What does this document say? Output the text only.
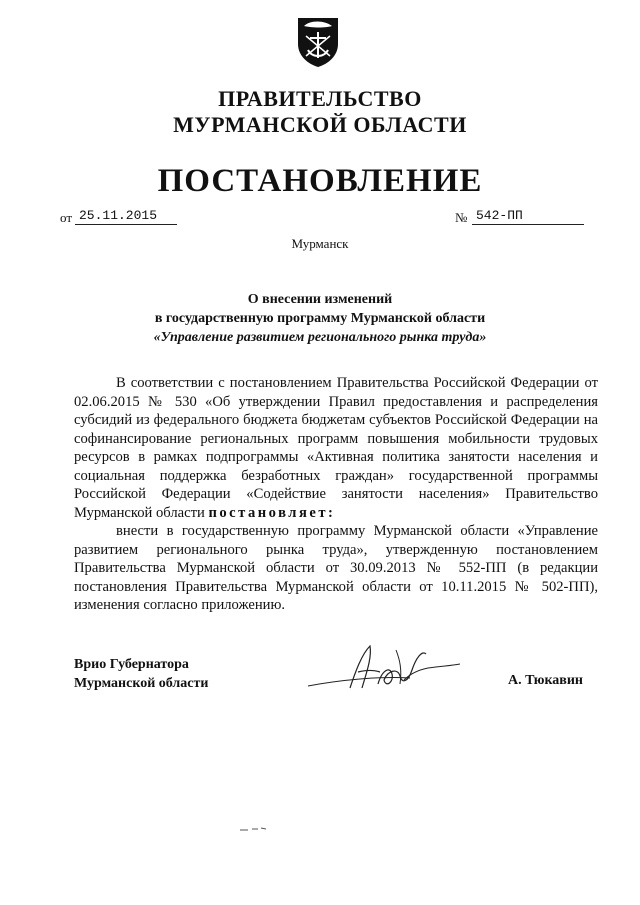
ПРАВИТЕЛЬСТВО
МУРМАНСКОЙ ОБЛАСТИ
ПОСТАНОВЛЕНИЕ
от 25.11.2015	№ 542-ПП
Мурманск
О внесении изменений
в государственную программу Мурманской области
«Управление развитием регионального рынка труда»

В соответствии с постановлением Правительства Российской Федерации от 02.06.2015 № 530 «Об утверждении Правил предоставления и распределения субсидий из федерального бюджета бюджетам субъектов Российской Федерации на софинансирование региональных программ повышения мобильности трудовых ресурсов в рамках подпрограммы «Активная политика занятости населения и социальная поддержка безработных граждан» государственной программы Российской Федерации «Содействие занятости населения» Правительство Мурманской области постановляет:

внести в государственную программу Мурманской области «Управление развитием регионального рынка труда», утвержденную постановлением Правительства Мурманской области от 30.09.2013 № 552-ПП (в редакции постановления Правительства Мурманской области от 10.11.2015 № 502-ПП), изменения согласно приложению.

Врио Губернатора
Мурманской области	А. Тюкавин
